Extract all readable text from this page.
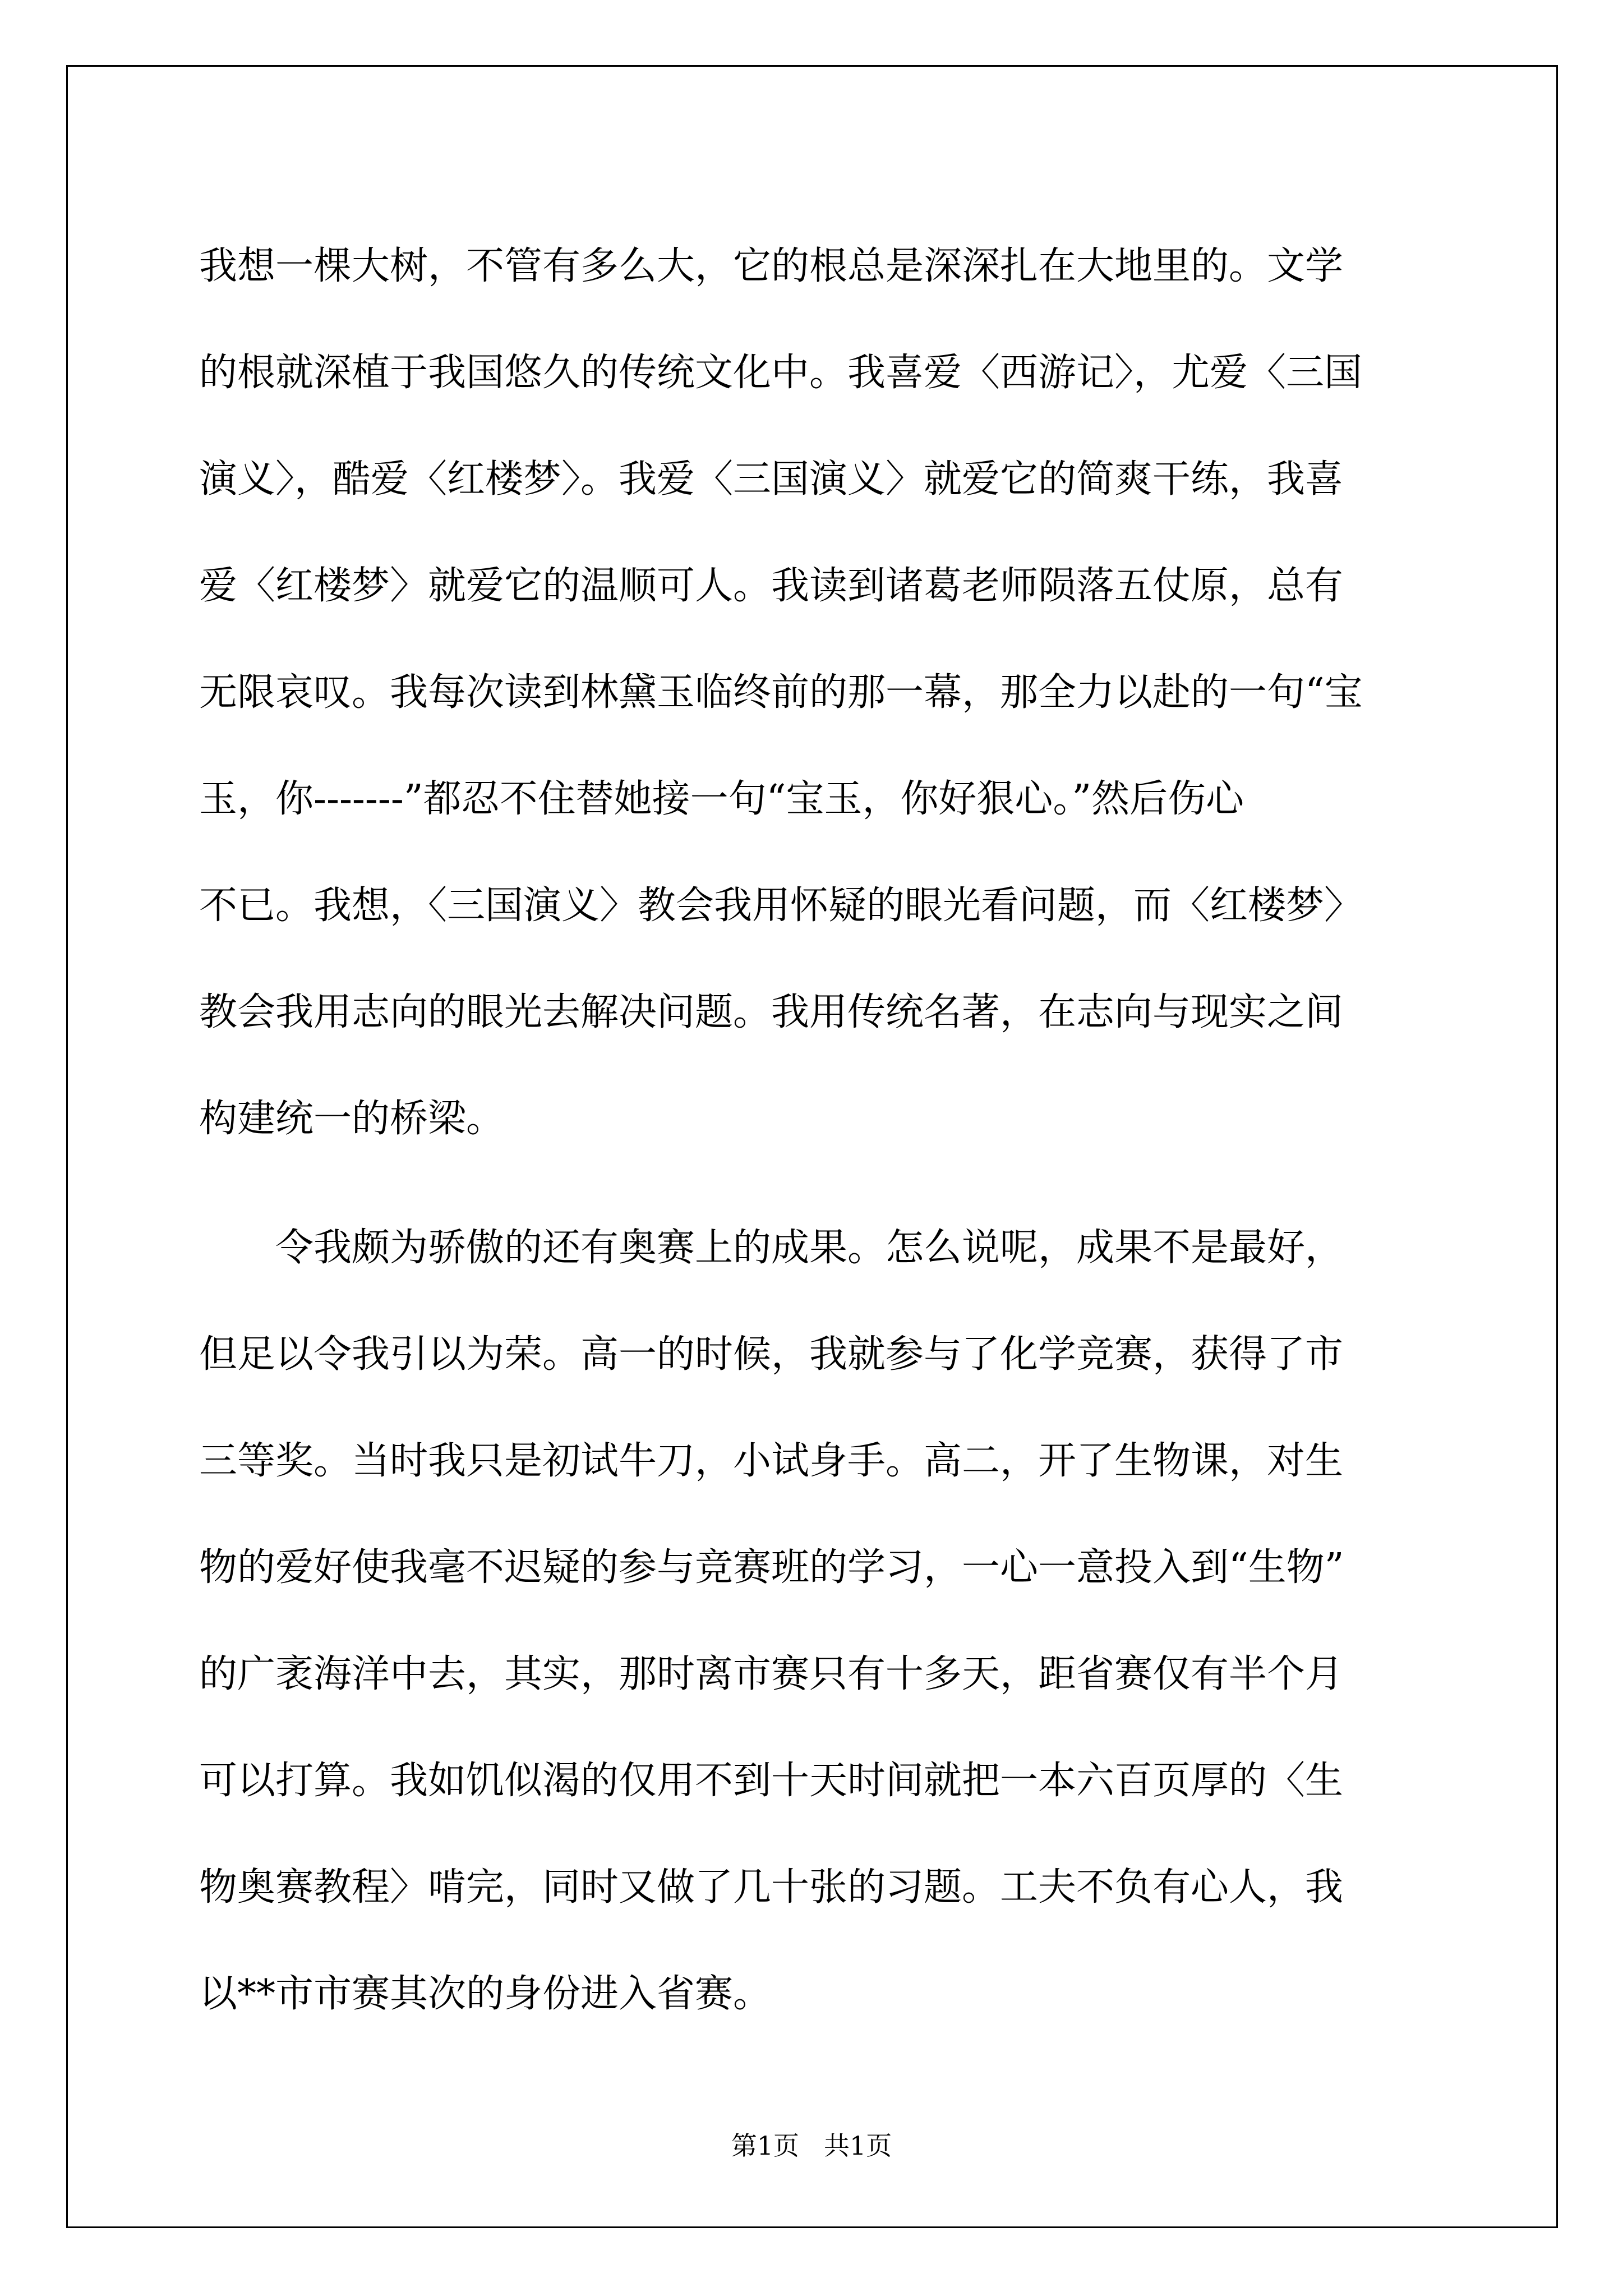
我想一棵大树，不管有多么大，它的根总是深深扎在大地里的。文学
的根就深植于我国悠久的传统文化中。我喜爱〈西游记〉，尤爱〈三国
演义〉，酷爱〈红楼梦〉。我爱〈三国演义〉就爱它的简爽干练，我喜
爱〈红楼梦〉就爱它的温顺可人。我读到诸葛老师陨落五仗原，总有
无限哀叹。我每次读到林黛玉临终前的那一幕，那全力以赴的一句“宝
玉，你-------”都忍不住替她接一句“宝玉，你好狠心。”然后伤心
不已。我想，〈三国演义〉教会我用怀疑的眼光看问题，而〈红楼梦〉
教会我用志向的眼光去解决问题。我用传统名著，在志向与现实之间
构建统一的桥梁。
令我颇为骄傲的还有奥赛上的成果。怎么说呢，成果不是最好，
但足以令我引以为荣。高一的时候，我就参与了化学竞赛，获得了市
三等奖。当时我只是初试牛刀，小试身手。高二，开了生物课，对生
物的爱好使我毫不迟疑的参与竞赛班的学习，一心一意投入到“生物”
的广袤海洋中去，其实，那时离市赛只有十多天，距省赛仅有半个月
可以打算。我如饥似渴的仅用不到十天时间就把一本六百页厚的〈生
物奥赛教程〉啃完，同时又做了几十张的习题。工夫不负有心人，我
以**市市赛其次的身份进入省赛。
第1页 共1页
